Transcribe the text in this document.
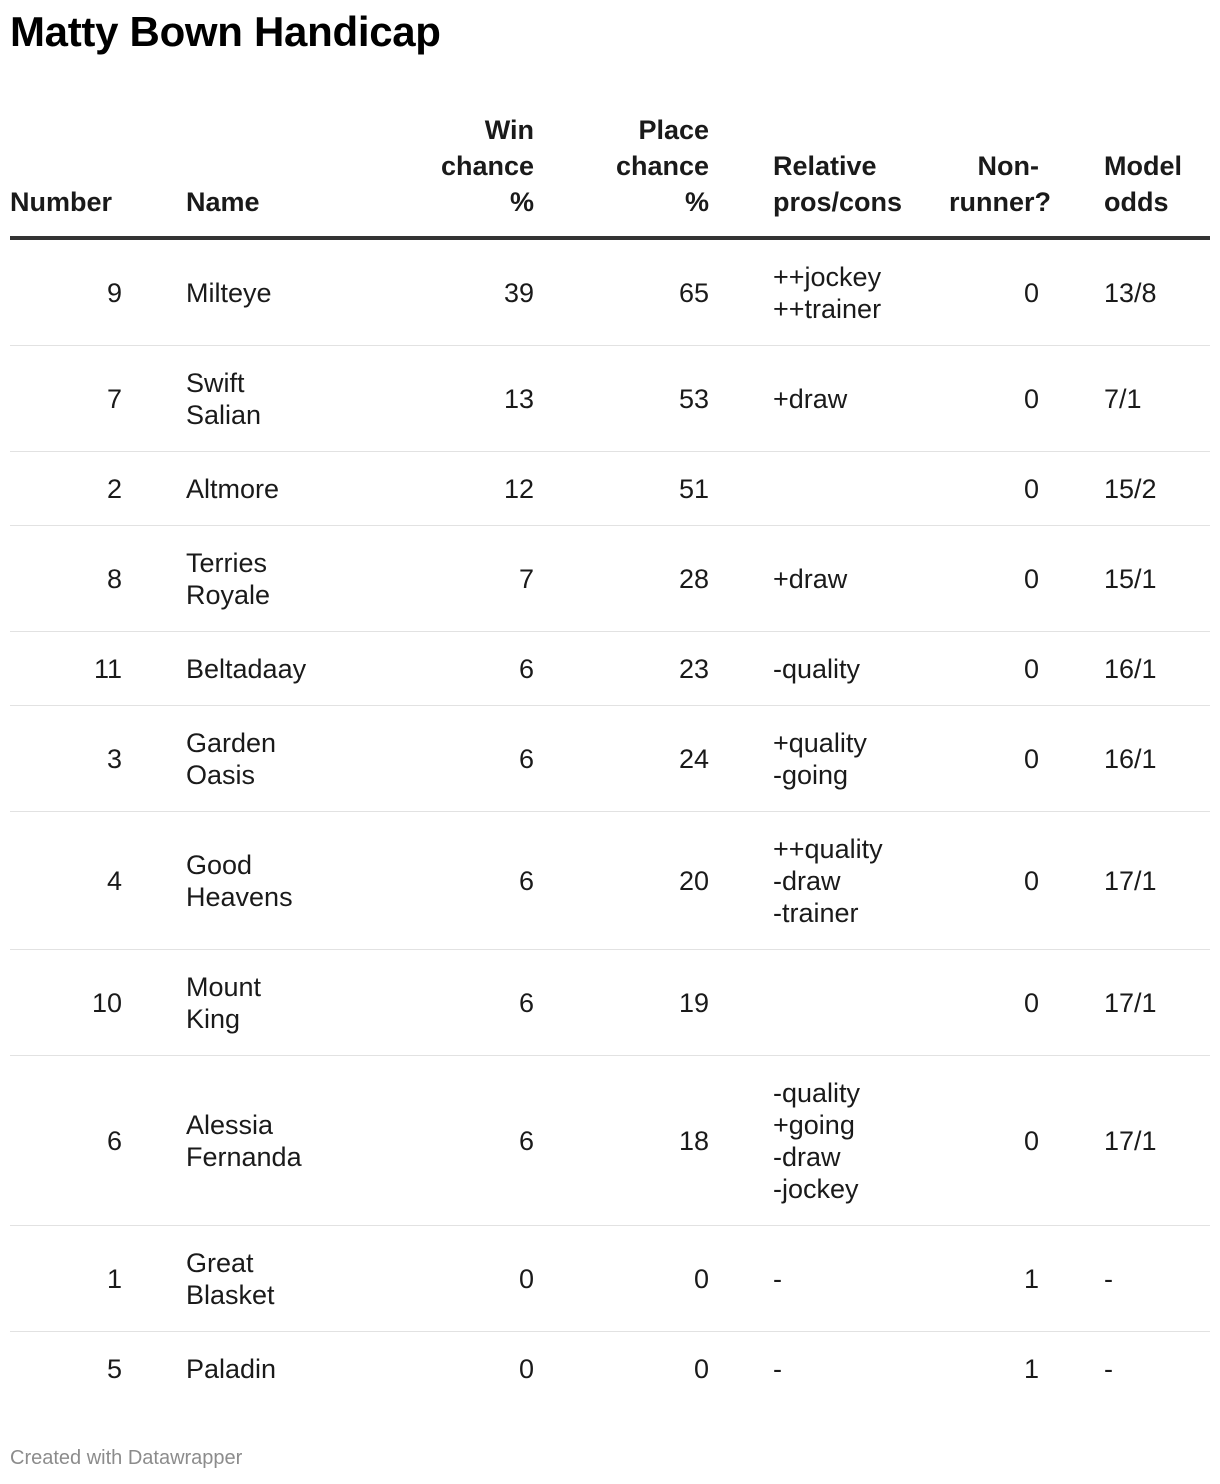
Matty Bown Handicap
Number	Name	Win
chance
%	Place
chance
%	Relative
pros/cons	Non-
runner?	Model
odds
9	Milteye	39	65	++jockey
++trainer	0	13/8
7	Swift
Salian	13	53	+draw	0	7/1
2	Altmore	12	51		0	15/2
8	Terries
Royale	7	28	+draw	0	15/1
11	Beltadaay	6	23	-quality	0	16/1
3	Garden
Oasis	6	24	+quality
-going	0	16/1
4	Good
Heavens	6	20	++quality
-draw
-trainer	0	17/1
10	Mount
King	6	19		0	17/1
6	Alessia
Fernanda	6	18	-quality
+going
-draw
-jockey	0	17/1
1	Great
Blasket	0	0	-	1	-
5	Paladin	0	0	-	1	-
Created with Datawrapper
